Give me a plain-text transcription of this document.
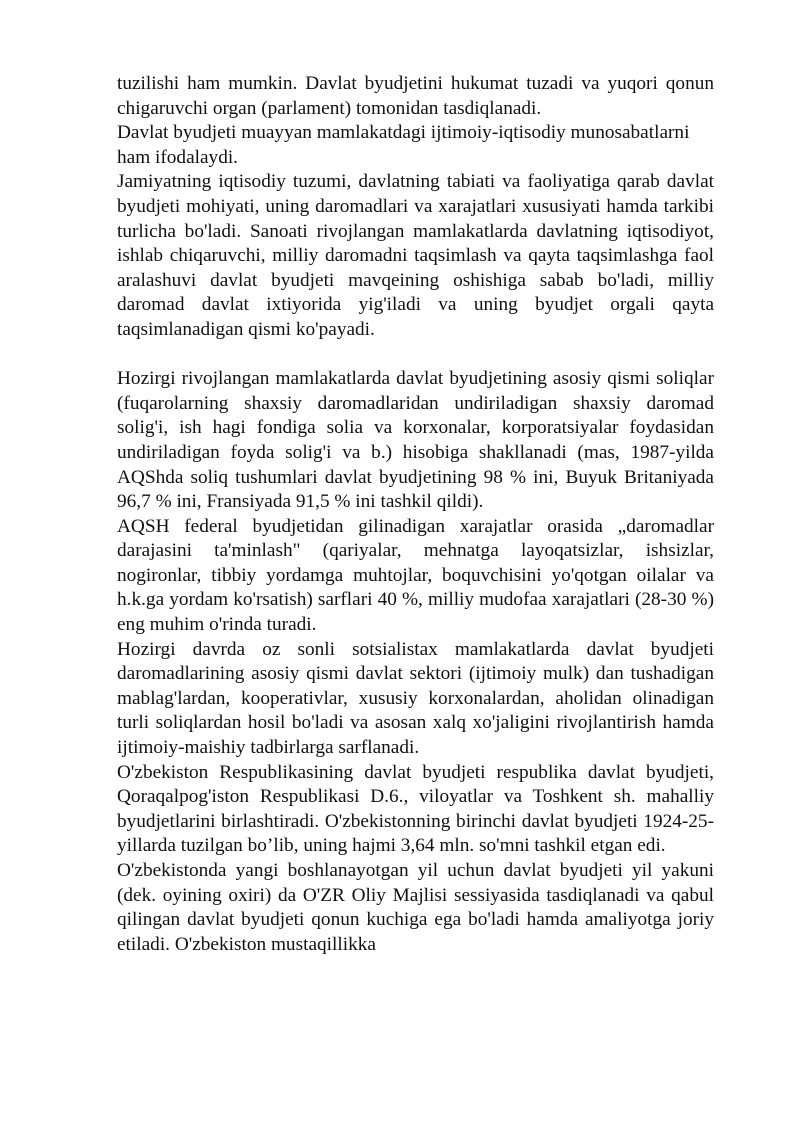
tuzilishi ham mumkin. Davlat byudjetini hukumat tuzadi va yuqori qonun chigaruvchi organ (parlament) tomonidan tasdiqlanadi.

Davlat byudjeti muayyan mamlakatdagi ijtimoiy-iqtisodiy munosabatlarni ham ifodalaydi.

Jamiyatning iqtisodiy tuzumi, davlatning tabiati va faoliyatiga qarab davlat byudjeti mohiyati, uning daromadlari va xarajatlari xususiyati hamda tarkibi turlicha bo'ladi. Sanoati rivojlangan mamlakatlarda davlatning iqtisodiyot, ishlab chiqaruvchi, milliy daromadni taqsimlash va qayta taqsimlashga faol aralashuvi davlat byudjeti mavqeining oshishiga sabab bo'ladi, milliy daromad davlat ixtiyorida yig'iladi va uning byudjet orgali qayta taqsimlanadigan qismi ko'payadi.

Hozirgi rivojlangan mamlakatlarda davlat byudjetining asosiy qismi soliqlar (fuqarolarning shaxsiy daromadlaridan undiriladigan shaxsiy daromad solig'i, ish hagi fondiga solia va korxonalar, korporatsiyalar foydasidan undiriladigan foyda solig'i va b.) hisobiga shakllanadi (mas, 1987-yilda AQShda soliq tushumlari davlat byudjetining 98 % ini, Buyuk Britaniyada 96,7 % ini, Fransiyada 91,5 % ini tashkil qildi).

AQSH federal byudjetidan gilinadigan xarajatlar orasida „daromadlar darajasini ta'minlash" (qariyalar, mehnatga layoqatsizlar, ishsizlar, nogironlar, tibbiy yordamga muhtojlar, boquvchisini yo'qotgan oilalar va h.k.ga yordam ko'rsatish) sarflari 40 %, milliy mudofaa xarajatlari (28-30 %) eng muhim o'rinda turadi.

Hozirgi davrda oz sonli sotsialistax mamlakatlarda davlat byudjeti daromadlarining asosiy qismi davlat sektori (ijtimoiy mulk) dan tushadigan mablag'lardan, kooperativlar, xususiy korxonalardan, aholidan olinadigan turli soliqlardan hosil bo'ladi va asosan xalq xo'jaligini rivojlantirish hamda ijtimoiy-maishiy tadbirlarga sarflanadi.

O'zbekiston Respublikasining davlat byudjeti respublika davlat byudjeti, Qoraqalpog'iston Respublikasi D.6., viloyatlar va Toshkent sh. mahalliy byudjetlarini birlashtiradi. O'zbekistonning birinchi davlat byudjeti 1924-25-yillarda tuzilgan bo’lib, uning hajmi 3,64 mln. so'mni tashkil etgan edi.

O'zbekistonda yangi boshlanayotgan yil uchun davlat byudjeti yil yakuni (dek. oyining oxiri) da O'ZR Oliy Majlisi sessiyasida tasdiqlanadi va qabul qilingan davlat byudjeti qonun kuchiga ega bo'ladi hamda amaliyotga joriy etiladi. O'zbekiston mustaqillikka
